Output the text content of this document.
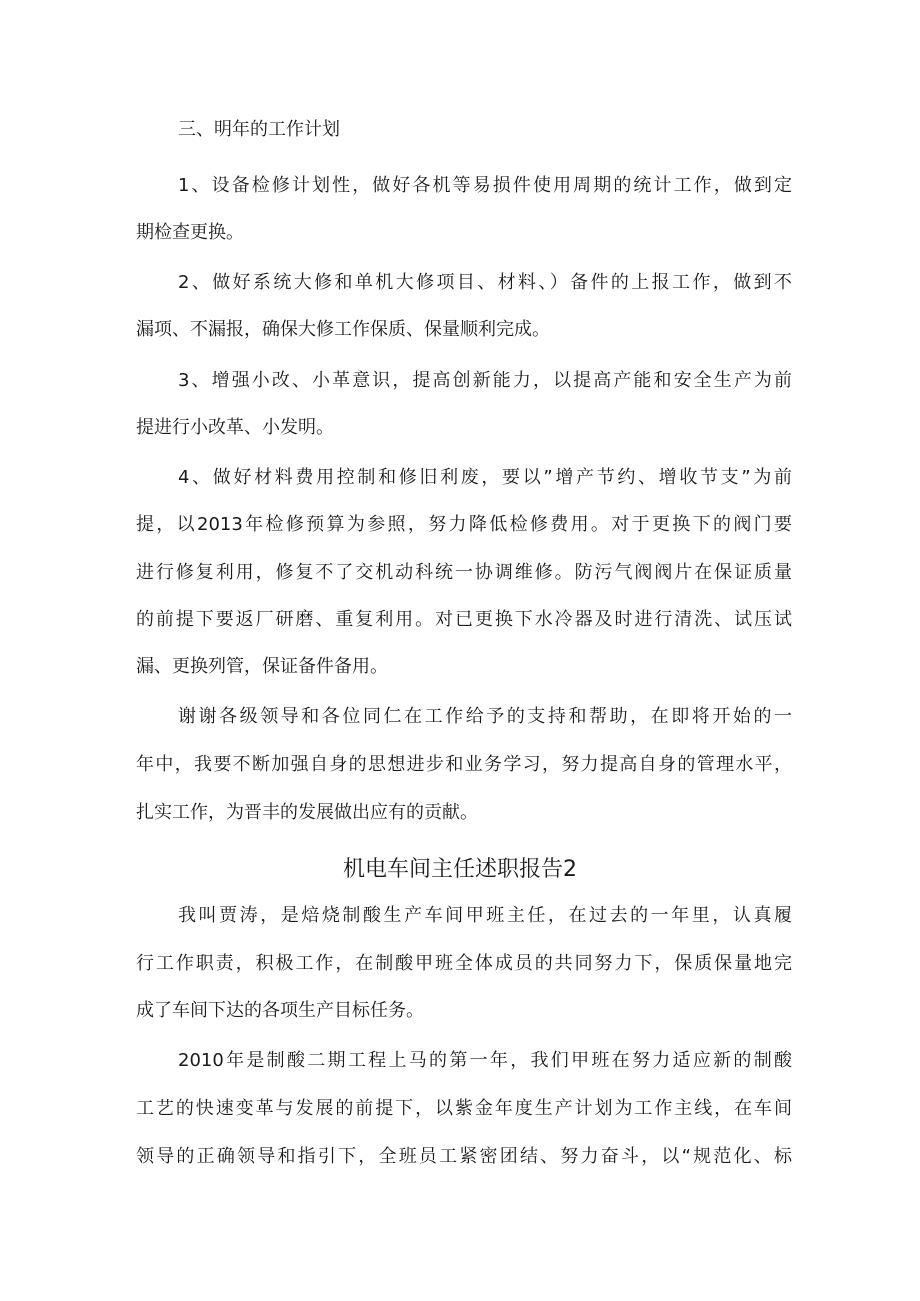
三、明年的工作计划
1、设备检修计划性，做好各机等易损件使用周期的统计工作，做到定
期检查更换。
2、做好系统大修和单机大修项目、材料、）备件的上报工作，做到不
漏项、不漏报，确保大修工作保质、保量顺利完成。
3、增强小改、小革意识，提高创新能力，以提高产能和安全生产为前
提进行小改革、小发明。
4、做好材料费用控制和修旧利废，要以”增产节约、增收节支”为前
提，以2013年检修预算为参照，努力降低检修费用。对于更换下的阀门要
进行修复利用，修复不了交机动科统一协调维修。防污气阀阀片在保证质量
的前提下要返厂研磨、重复利用。对已更换下水冷器及时进行清洗、试压试
漏、更换列管，保证备件备用。
谢谢各级领导和各位同仁在工作给予的支持和帮助，在即将开始的一
年中，我要不断加强自身的思想进步和业务学习，努力提高自身的管理水平，
扎实工作，为晋丰的发展做出应有的贡献。
机电车间主任述职报告2
我叫贾涛，是焙烧制酸生产车间甲班主任，在过去的一年里，认真履
行工作职责，积极工作，在制酸甲班全体成员的共同努力下，保质保量地完
成了车间下达的各项生产目标任务。
2010年是制酸二期工程上马的第一年，我们甲班在努力适应新的制酸
工艺的快速变革与发展的前提下，以紫金年度生产计划为工作主线，在车间
领导的正确领导和指引下，全班员工紧密团结、努力奋斗，以“规范化、标
